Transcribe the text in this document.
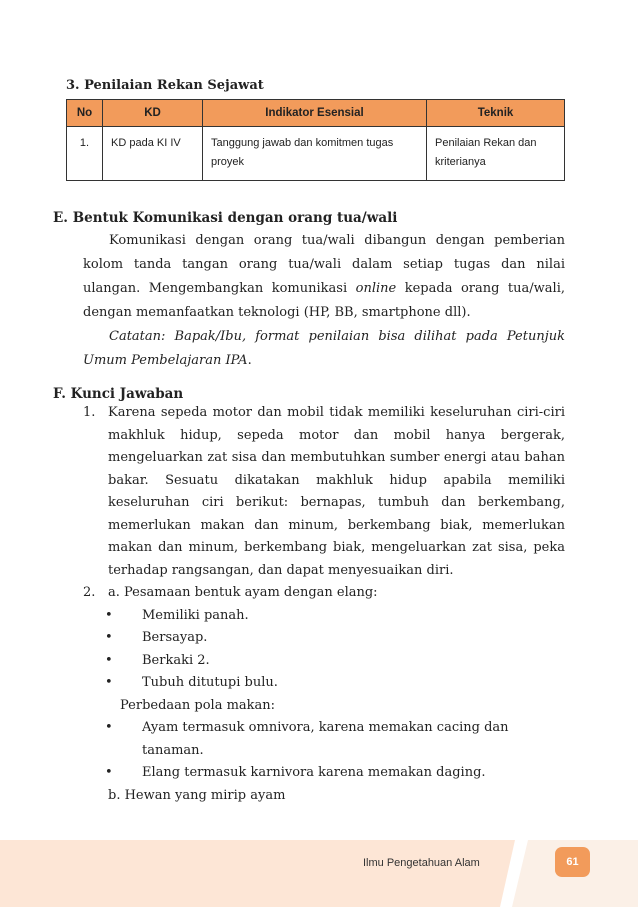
3. Penilaian Rekan Sejawat
No	KD	Indikator Esensial	Teknik
1.	KD pada KI IV	Tanggung jawab dan komitmen tugas proyek	Penilaian Rekan dan kriterianya
E. Bentuk Komunikasi dengan orang tua/wali

Komunikasi dengan orang tua/wali dibangun dengan pemberian kolom tanda tangan orang tua/wali dalam setiap tugas dan nilai ulangan. Mengembangkan komunikasi online kepada orang tua/wali, dengan memanfaatkan teknologi (HP, BB, smartphone dll).

Catatan: Bapak/Ibu, format penilaian bisa dilihat pada Petunjuk Umum Pembelajaran IPA.

F. Kunci Jawaban
1. Karena sepeda motor dan mobil tidak memiliki keseluruhan ciri-ciri makhluk hidup, sepeda motor dan mobil hanya bergerak, mengeluarkan zat sisa dan membutuhkan sumber energi atau bahan bakar. Sesuatu dikatakan makhluk hidup apabila memiliki keseluruhan ciri berikut: bernapas, tumbuh dan berkembang, memerlukan makan dan minum, berkembang biak, memerlukan makan dan minum, berkembang biak, mengeluarkan zat sisa, peka terhadap rangsangan, dan dapat menyesuaikan diri.
2. a. Pesamaan bentuk ayam dengan elang:
• Memiliki panah.
• Bersayap.
• Berkaki 2.
• Tubuh ditutupi bulu.
Perbedaan pola makan:
• Ayam termasuk omnivora, karena memakan cacing dan tanaman.
• Elang termasuk karnivora karena memakan daging.
b. Hewan yang mirip ayam
Ilmu Pengetahuan Alam	61
